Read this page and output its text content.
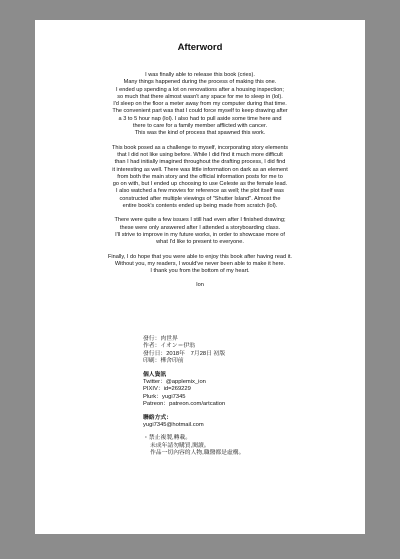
Afterword
I was finally able to release this book (cries).
Many things happened during the process of making this one.
I ended up spending a lot on renovations after a housing inspection;
so much that there almost wasn't any space for me to sleep in (lol).
I'd sleep on the floor a meter away from my computer during that time.
The convenient part was that I could force myself to keep drawing after
a 3 to 5 hour nap (lol). I also had to pull aside some time here and
there to care for a family member afflicted with cancer.
This was the kind of process that spawned this work.
This book posed as a challenge to myself, incorporating story elements
that I did not like using before. While I did find it much more difficult
than I had initially imagined throughout the drafting process, I did find
it interesting as well. There was little information on dark as an element
from both the main story and the official information posts for me to
go on with, but I ended up choosing to use Celeste as the female lead.
I also watched a few movies for reference as well; the plot itself was
constructed after multiple viewings of "Shutter Island". Almost the
entire book's contents ended up being made from scratch (lol).
There were quite a few issues I still had even after I finished drawing;
these were only answered after I attended a storyboarding class.
I'll strive to improve in my future works, in order to showcase more of
what I'd like to present to everyone.
Finally, I do hope that you were able to enjoy this book after having read it.
Without you, my readers, I would've never been able to make it here.
I thank you from the bottom of my heart.
Ion
發行：肉世界
作者：イオン＝伊翁
發行日：2018年　7月28日 初版
印刷：樺舍印前
個人資訊
Twitter：@applemix_ion
PIXIV：id=269229
Plurk：yugi7345
Patreon：patreon.com/artcation
聯絡方式：
yugi7345@hotmail.com
・禁止複製,轉載。
未成年請勿購買,閱讀。
作品一切內容的人物,職醫都是虛構。
